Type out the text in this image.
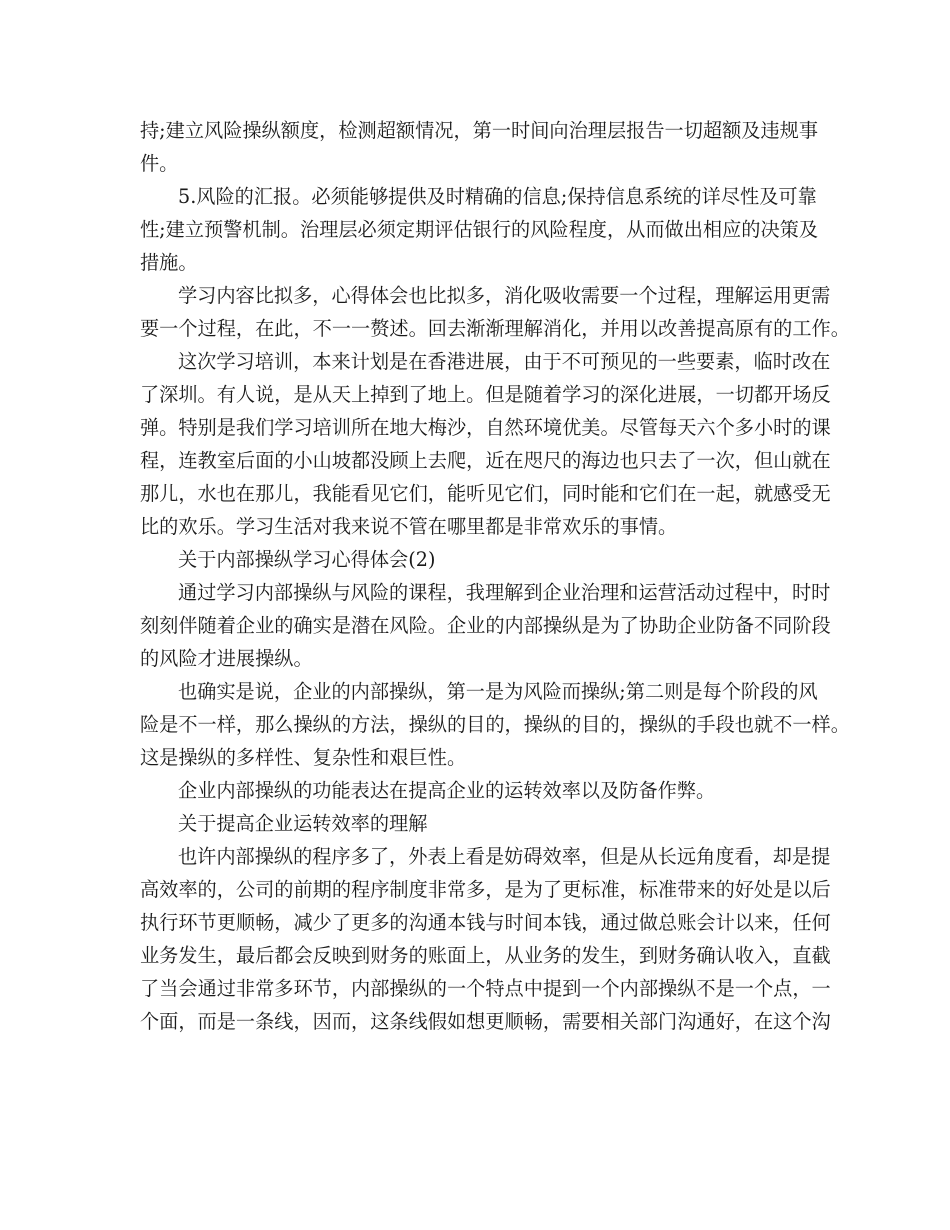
持;建立风险操纵额度，检测超额情况，第一时间向治理层报告一切超额及违规事
件。
5.风险的汇报。必须能够提供及时精确的信息;保持信息系统的详尽性及可靠
性;建立预警机制。治理层必须定期评估银行的风险程度，从而做出相应的决策及
措施。
学习内容比拟多，心得体会也比拟多，消化吸收需要一个过程，理解运用更需
要一个过程，在此，不一一赘述。回去渐渐理解消化，并用以改善提高原有的工作。
这次学习培训，本来计划是在香港进展，由于不可预见的一些要素，临时改在
了深圳。有人说，是从天上掉到了地上。但是随着学习的深化进展，一切都开场反
弹。特别是我们学习培训所在地大梅沙，自然环境优美。尽管每天六个多小时的课
程，连教室后面的小山坡都没顾上去爬，近在咫尺的海边也只去了一次，但山就在
那儿，水也在那儿，我能看见它们，能听见它们，同时能和它们在一起，就感受无
比的欢乐。学习生活对我来说不管在哪里都是非常欢乐的事情。
关于内部操纵学习心得体会(2)
通过学习内部操纵与风险的课程，我理解到企业治理和运营活动过程中，时时
刻刻伴随着企业的确实是潜在风险。企业的内部操纵是为了协助企业防备不同阶段
的风险才进展操纵。
也确实是说，企业的内部操纵，第一是为风险而操纵;第二则是每个阶段的风
险是不一样，那么操纵的方法，操纵的目的，操纵的目的，操纵的手段也就不一样。
这是操纵的多样性、复杂性和艰巨性。
企业内部操纵的功能表达在提高企业的运转效率以及防备作弊。
关于提高企业运转效率的理解
也许内部操纵的程序多了，外表上看是妨碍效率，但是从长远角度看，却是提
高效率的，公司的前期的程序制度非常多，是为了更标准，标准带来的好处是以后
执行环节更顺畅，减少了更多的沟通本钱与时间本钱，通过做总账会计以来，任何
业务发生，最后都会反映到财务的账面上，从业务的发生，到财务确认收入，直截
了当会通过非常多环节，内部操纵的一个特点中提到一个内部操纵不是一个点，一
个面，而是一条线，因而，这条线假如想更顺畅，需要相关部门沟通好，在这个沟
